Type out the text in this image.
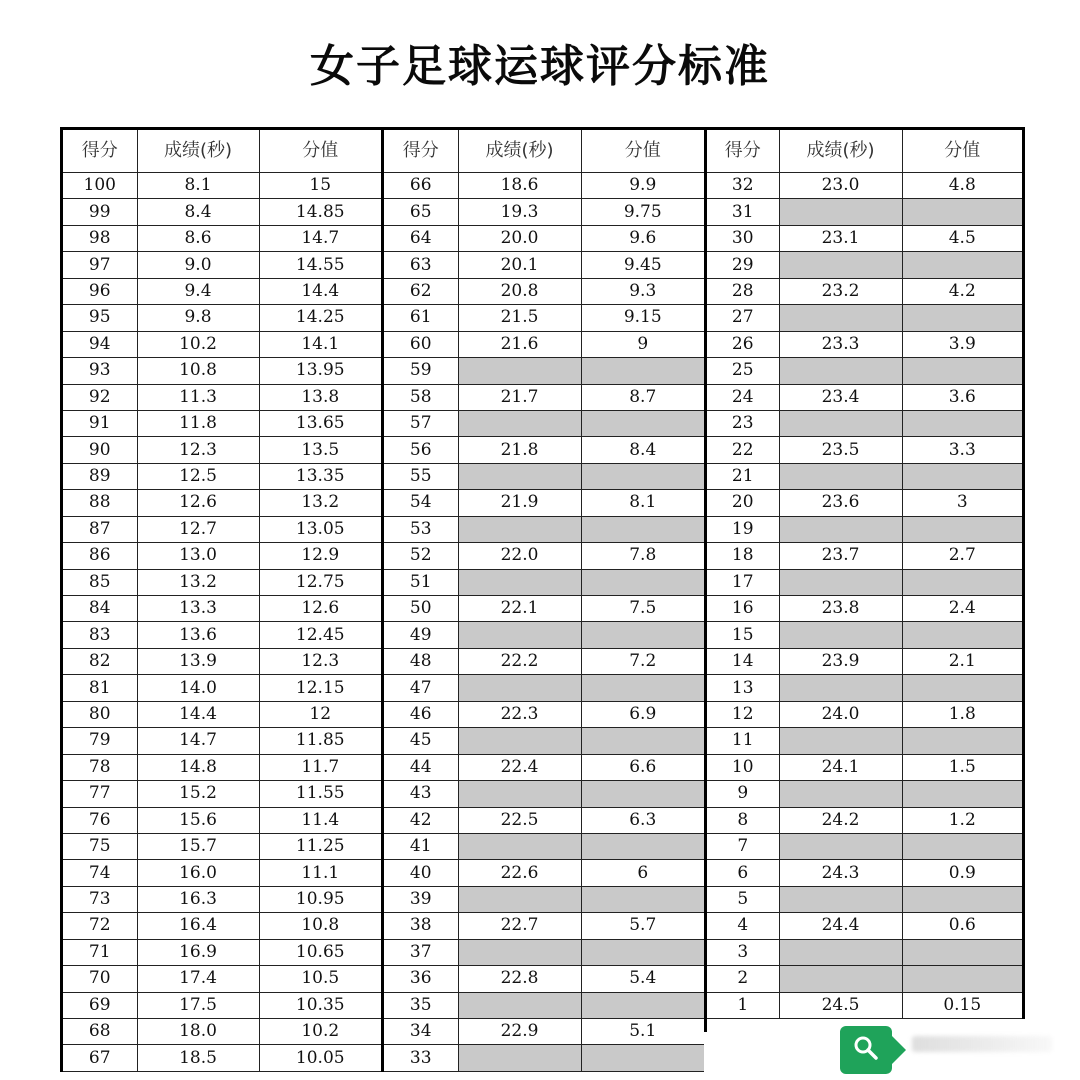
女子足球运球评分标准
得分	成绩(秒)	分值
100	8.1	15
99	8.4	14.85
98	8.6	14.7
97	9.0	14.55
96	9.4	14.4
95	9.8	14.25
94	10.2	14.1
93	10.8	13.95
92	11.3	13.8
91	11.8	13.65
90	12.3	13.5
89	12.5	13.35
88	12.6	13.2
87	12.7	13.05
86	13.0	12.9
85	13.2	12.75
84	13.3	12.6
83	13.6	12.45
82	13.9	12.3
81	14.0	12.15
80	14.4	12
79	14.7	11.85
78	14.8	11.7
77	15.2	11.55
76	15.6	11.4
75	15.7	11.25
74	16.0	11.1
73	16.3	10.95
72	16.4	10.8
71	16.9	10.65
70	17.4	10.5
69	17.5	10.35
68	18.0	10.2
67	18.5	10.05
得分	成绩(秒)	分值
66	18.6	9.9
65	19.3	9.75
64	20.0	9.6
63	20.1	9.45
62	20.8	9.3
61	21.5	9.15
60	21.6	9
59		
58	21.7	8.7
57		
56	21.8	8.4
55		
54	21.9	8.1
53		
52	22.0	7.8
51		
50	22.1	7.5
49		
48	22.2	7.2
47		
46	22.3	6.9
45		
44	22.4	6.6
43		
42	22.5	6.3
41		
40	22.6	6
39		
38	22.7	5.7
37		
36	22.8	5.4
35		
34	22.9	5.1
33		
得分	成绩(秒)	分值
32	23.0	4.8
31		
30	23.1	4.5
29		
28	23.2	4.2
27		
26	23.3	3.9
25		
24	23.4	3.6
23		
22	23.5	3.3
21		
20	23.6	3
19		
18	23.7	2.7
17		
16	23.8	2.4
15		
14	23.9	2.1
13		
12	24.0	1.8
11		
10	24.1	1.5
9		
8	24.2	1.2
7		
6	24.3	0.9
5		
4	24.4	0.6
3		
2		
1	24.5	0.15
